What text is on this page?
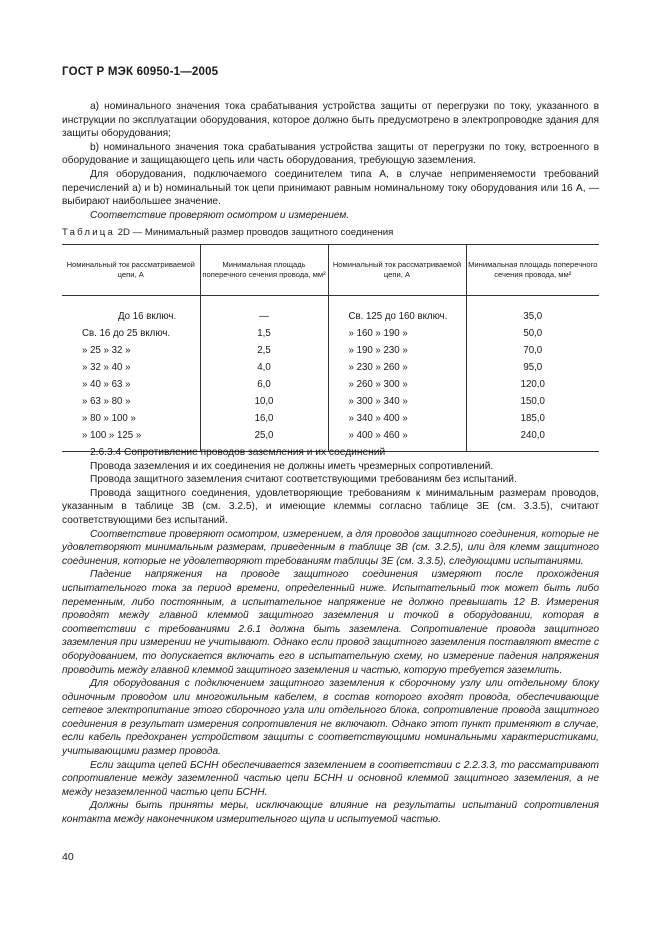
ГОСТ Р МЭК 60950-1—2005

а) номинального значения тока срабатывания устройства защиты от перегрузки по току, указанного в инструкции по эксплуатации оборудования, которое должно быть предусмотрено в электропроводке здания для защиты оборудования;

b) номинального значения тока срабатывания устройства защиты от перегрузки по току, встроенного в оборудование и защищающего цепь или часть оборудования, требующую заземления.

Для оборудования, подключаемого соединителем типа А, в случае неприменяемости требований перечислений а) и b) номинальный ток цепи принимают равным номинальному току оборудования или 16 А, — выбирают наибольшее значение.

Соответствие проверяют осмотром и измерением.

Таблица 2D — Минимальный размер проводов защитного соединения
Номинальный ток рассматриваемой цепи, А	Минимальная площадь поперечного сечения провода, мм²	Номинальный ток рассматриваемой цепи, А	Минимальная площадь поперечного сечения провода, мм²
До 16 включ.	—	Св. 125 до 160 включ.	35,0
Св. 16 до 25 включ.	1,5	» 160 » 190 »	50,0
» 25 » 32 »	2,5	» 190 » 230 »	70,0
» 32 » 40 »	4,0	» 230 » 260 »	95,0
» 40 » 63 »	6,0	» 260 » 300 »	120,0
» 63 » 80 »	10,0	» 300 » 340 »	150,0
» 80 » 100 »	16,0	» 340 » 400 »	185,0
» 100 » 125 »	25,0	» 400 » 460 »	240,0

2.6.3.4 Сопротивление проводов заземления и их соединений

Провода заземления и их соединения не должны иметь чрезмерных сопротивлений.

Провода защитного заземления считают соответствующими требованиям без испытаний.

Провода защитного соединения, удовлетворяющие требованиям к минимальным размерам проводов, указанным в таблице 3В (см. 3.2.5), и имеющие клеммы согласно таблице 3Е (см. 3.3.5), считают соответствующими без испытаний.

Соответствие проверяют осмотром, измерением, а для проводов защитного соединения, которые не удовлетворяют минимальным размерам, приведенным в таблице 3В (см. 3.2.5), или для клемм защитного соединения, которые не удовлетворяют требованиям таблицы 3Е (см. 3.3.5), следующими испытаниями.

Падение напряжения на проводе защитного соединения измеряют после прохождения испытательного тока за период времени, определенный ниже. Испытательный ток может быть либо переменным, либо постоянным, а испытательное напряжение не должно превышать 12 В. Измерения проводят между главной клеммой защитного заземления и точкой в оборудовании, которая в соответствии с требованиями 2.6.1 должна быть заземлена. Сопротивление провода защитного заземления при измерении не учитывают. Однако если провод защитного заземления поставляют вместе с оборудованием, то допускается включать его в испытательную схему, но измерение падения напряжения проводить между главной клеммой защитного заземления и частью, которую требуется заземлить.

Для оборудования с подключением защитного заземления к сборочному узлу или отдельному блоку одиночным проводом или многожильным кабелем, в состав которого входят провода, обеспечивающие сетевое электропитание этого сборочного узла или отдельного блока, сопротивление провода защитного соединения в результат измерения сопротивления не включают. Однако этот пункт применяют в случае, если кабель предохранен устройством защиты с соответствующими номинальными характеристиками, учитывающими размер провода.

Если защита цепей БСНН обеспечивается заземлением в соответствии с 2.2.3.3, то рассматривают сопротивление между заземленной частью цепи БСНН и основной клеммой защитного заземления, а не между незаземленной частью цепи БСНН.

Должны быть приняты меры, исключающие влияние на результаты испытаний сопротивления контакта между наконечником измерительного щупа и испытуемой частью.

40
